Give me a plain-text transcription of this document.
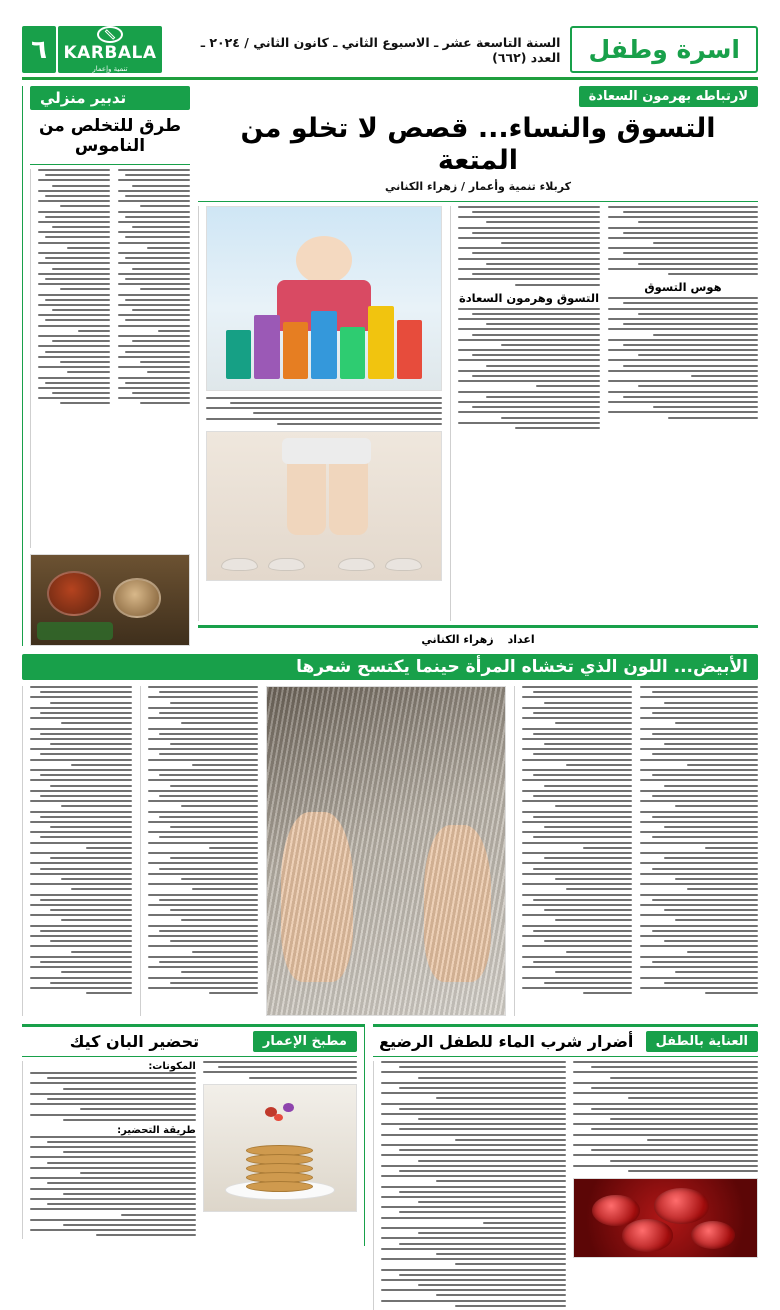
اسرة وطفل
السنة التاسعة عشر ـ الاسبوع الثاني ـ كانون الثاني / ٢٠٢٤ ـ العدد (٦٦٢)
KARBALA
تنمية وإعمار
٦
لارتباطه بهرمون السعادة
التسوق والنساء... قصص لا تخلو من المتعة
كربلاء تنمية وأعمار / زهراء الكناني
هوس التسوق
التسوق وهرمون السعادة
اعداد
زهراء الكناني
تدبير منزلي
طرق للتخلص من الناموس
الأبيض... اللون الذي تخشاه المرأة حينما يكتسح شعرها
العناية بالطفل
أضرار شرب الماء للطفل الرضيع
مطبخ الإعمار
تحضير البان كيك
المكونات:
طريقة التحضير:
